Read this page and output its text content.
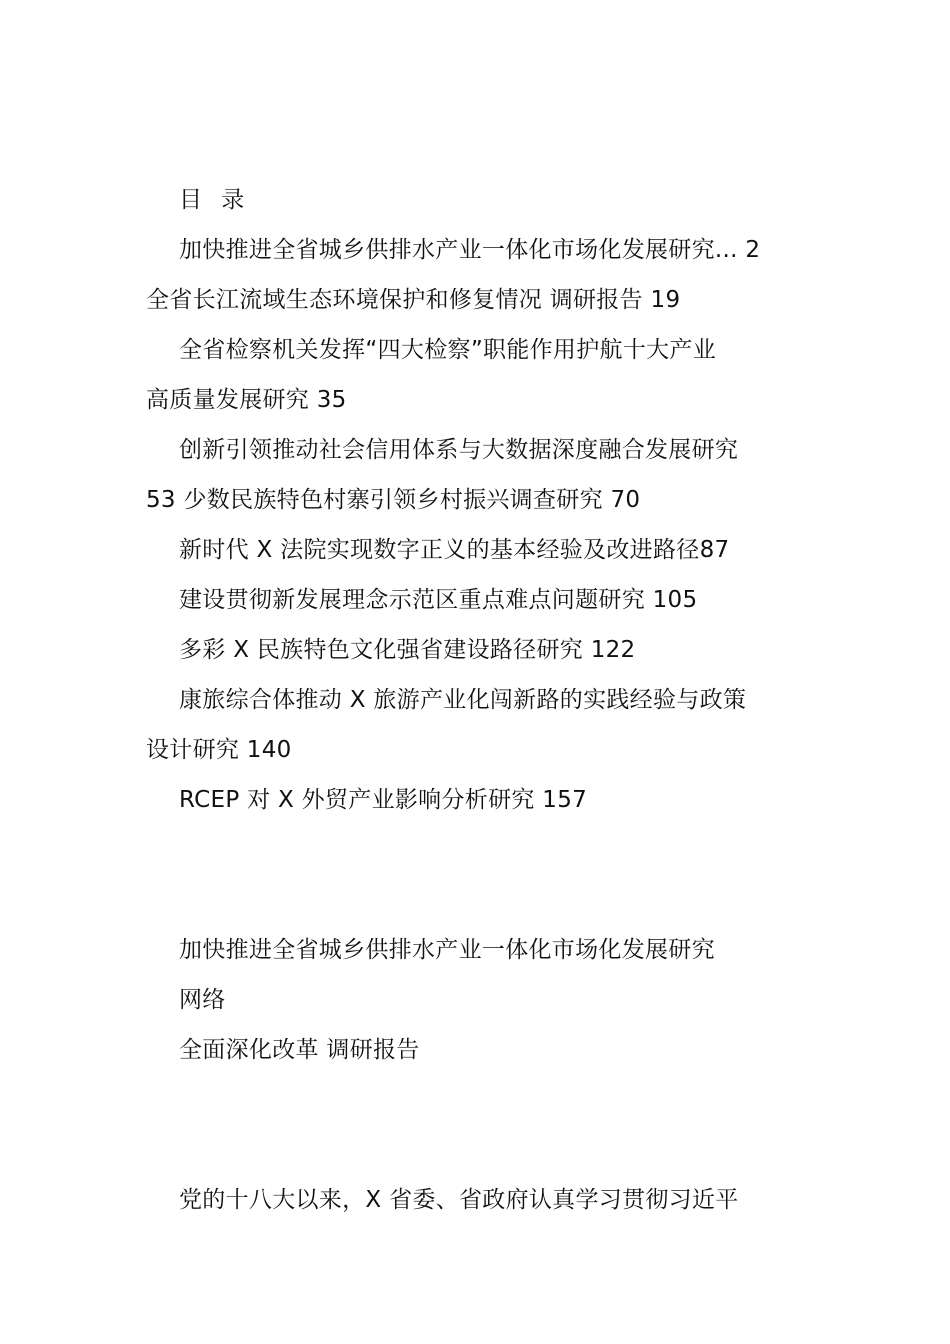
目 录
加快推进全省城乡供排水产业一体化市场化发展研究... 2
全省长江流域生态环境保护和修复情况 调研报告 19
全省检察机关发挥“四大检察”职能作用护航十大产业
高质量发展研究 35
创新引领推动社会信用体系与大数据深度融合发展研究
53 少数民族特色村寨引领乡村振兴调查研究 70
新时代 X 法院实现数字正义的基本经验及改进路径87
建设贯彻新发展理念示范区重点难点问题研究 105
多彩 X 民族特色文化强省建设路径研究 122
康旅综合体推动 X 旅游产业化闯新路的实践经验与政策
设计研究 140
RCEP 对 X 外贸产业影响分析研究 157
加快推进全省城乡供排水产业一体化市场化发展研究
网络
全面深化改革 调研报告
党的十八大以来，X 省委、省政府认真学习贯彻习近平
